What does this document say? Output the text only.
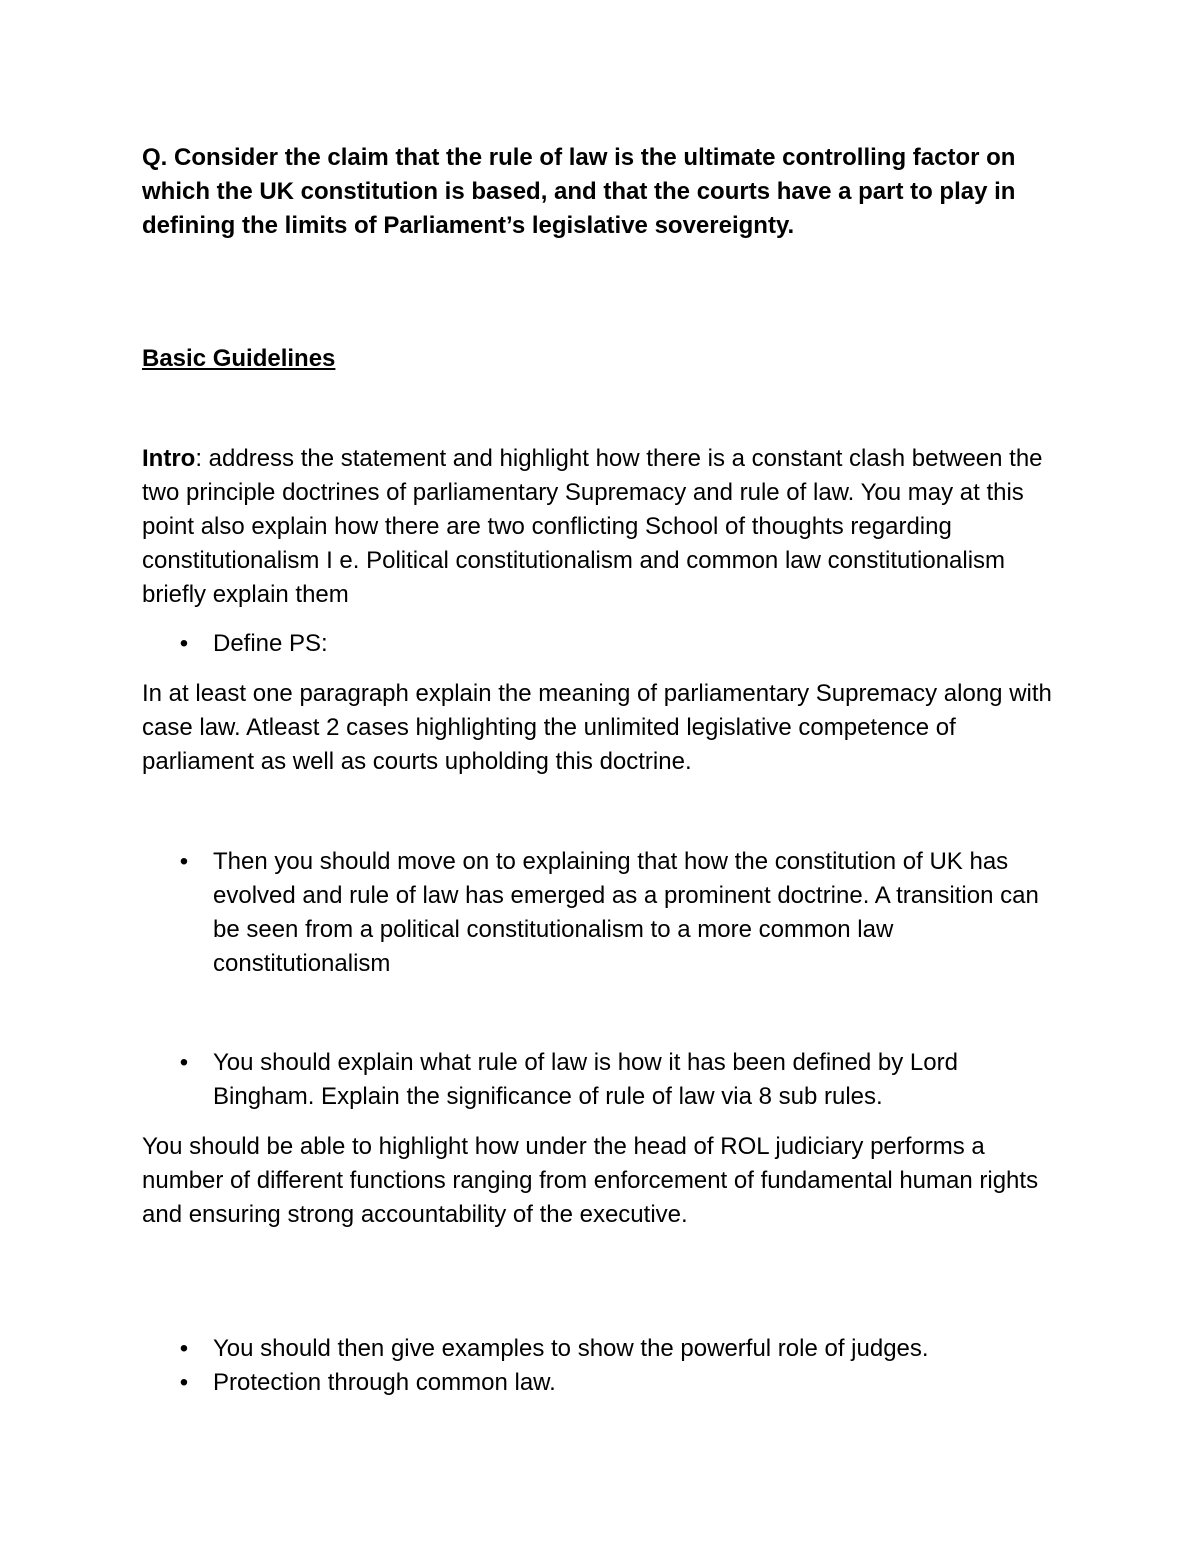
Q. Consider the claim that the rule of law is the ultimate controlling factor on which the UK constitution is based, and that the courts have a part to play in defining the limits of Parliament’s legislative sovereignty.

Basic Guidelines

Intro: address the statement and highlight how there is a constant clash between the two principle doctrines of parliamentary Supremacy and rule of law. You may at this point also explain how there are two conflicting School of thoughts regarding constitutionalism I e. Political constitutionalism and common law constitutionalism briefly explain them

• Define PS:

In at least one paragraph explain the meaning of parliamentary Supremacy along with case law. Atleast 2 cases highlighting the unlimited legislative competence of parliament as well as courts upholding this doctrine.

• Then you should move on to explaining that how the constitution of UK has evolved and rule of law has emerged as a prominent doctrine. A transition can be seen from a political constitutionalism to a more common law constitutionalism
• You should explain what rule of law is how it has been defined by Lord Bingham. Explain the significance of rule of law via 8 sub rules.

You should be able to highlight how under the head of ROL judiciary performs a number of different functions ranging from enforcement of fundamental human rights and ensuring strong accountability of the executive.

• You should then give examples to show the powerful role of judges.
• Protection through common law.
